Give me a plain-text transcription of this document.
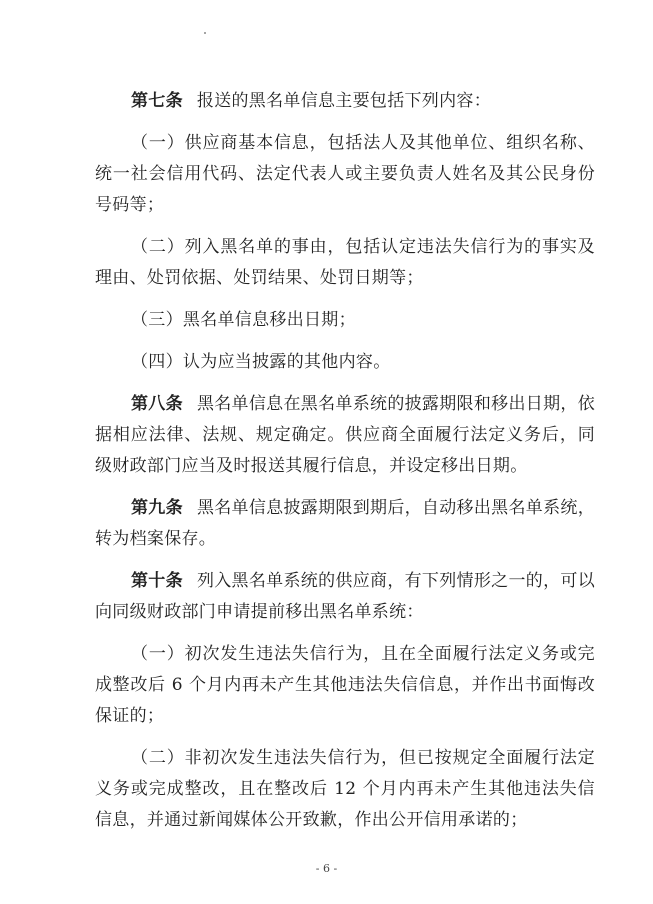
第七条 报送的黑名单信息主要包括下列内容：

（一）供应商基本信息，包括法人及其他单位、组织名称、统一社会信用代码、法定代表人或主要负责人姓名及其公民身份号码等；

（二）列入黑名单的事由，包括认定违法失信行为的事实及理由、处罚依据、处罚结果、处罚日期等；

（三）黑名单信息移出日期；

（四）认为应当披露的其他内容。

第八条 黑名单信息在黑名单系统的披露期限和移出日期，依据相应法律、法规、规定确定。供应商全面履行法定义务后，同级财政部门应当及时报送其履行信息，并设定移出日期。

第九条 黑名单信息披露期限到期后，自动移出黑名单系统，转为档案保存。

第十条 列入黑名单系统的供应商，有下列情形之一的，可以向同级财政部门申请提前移出黑名单系统：

（一）初次发生违法失信行为，且在全面履行法定义务或完成整改后 6 个月内再未产生其他违法失信信息，并作出书面悔改保证的；

（二）非初次发生违法失信行为，但已按规定全面履行法定义务或完成整改，且在整改后 12 个月内再未产生其他违法失信信息，并通过新闻媒体公开致歉，作出公开信用承诺的；

- 6 -
